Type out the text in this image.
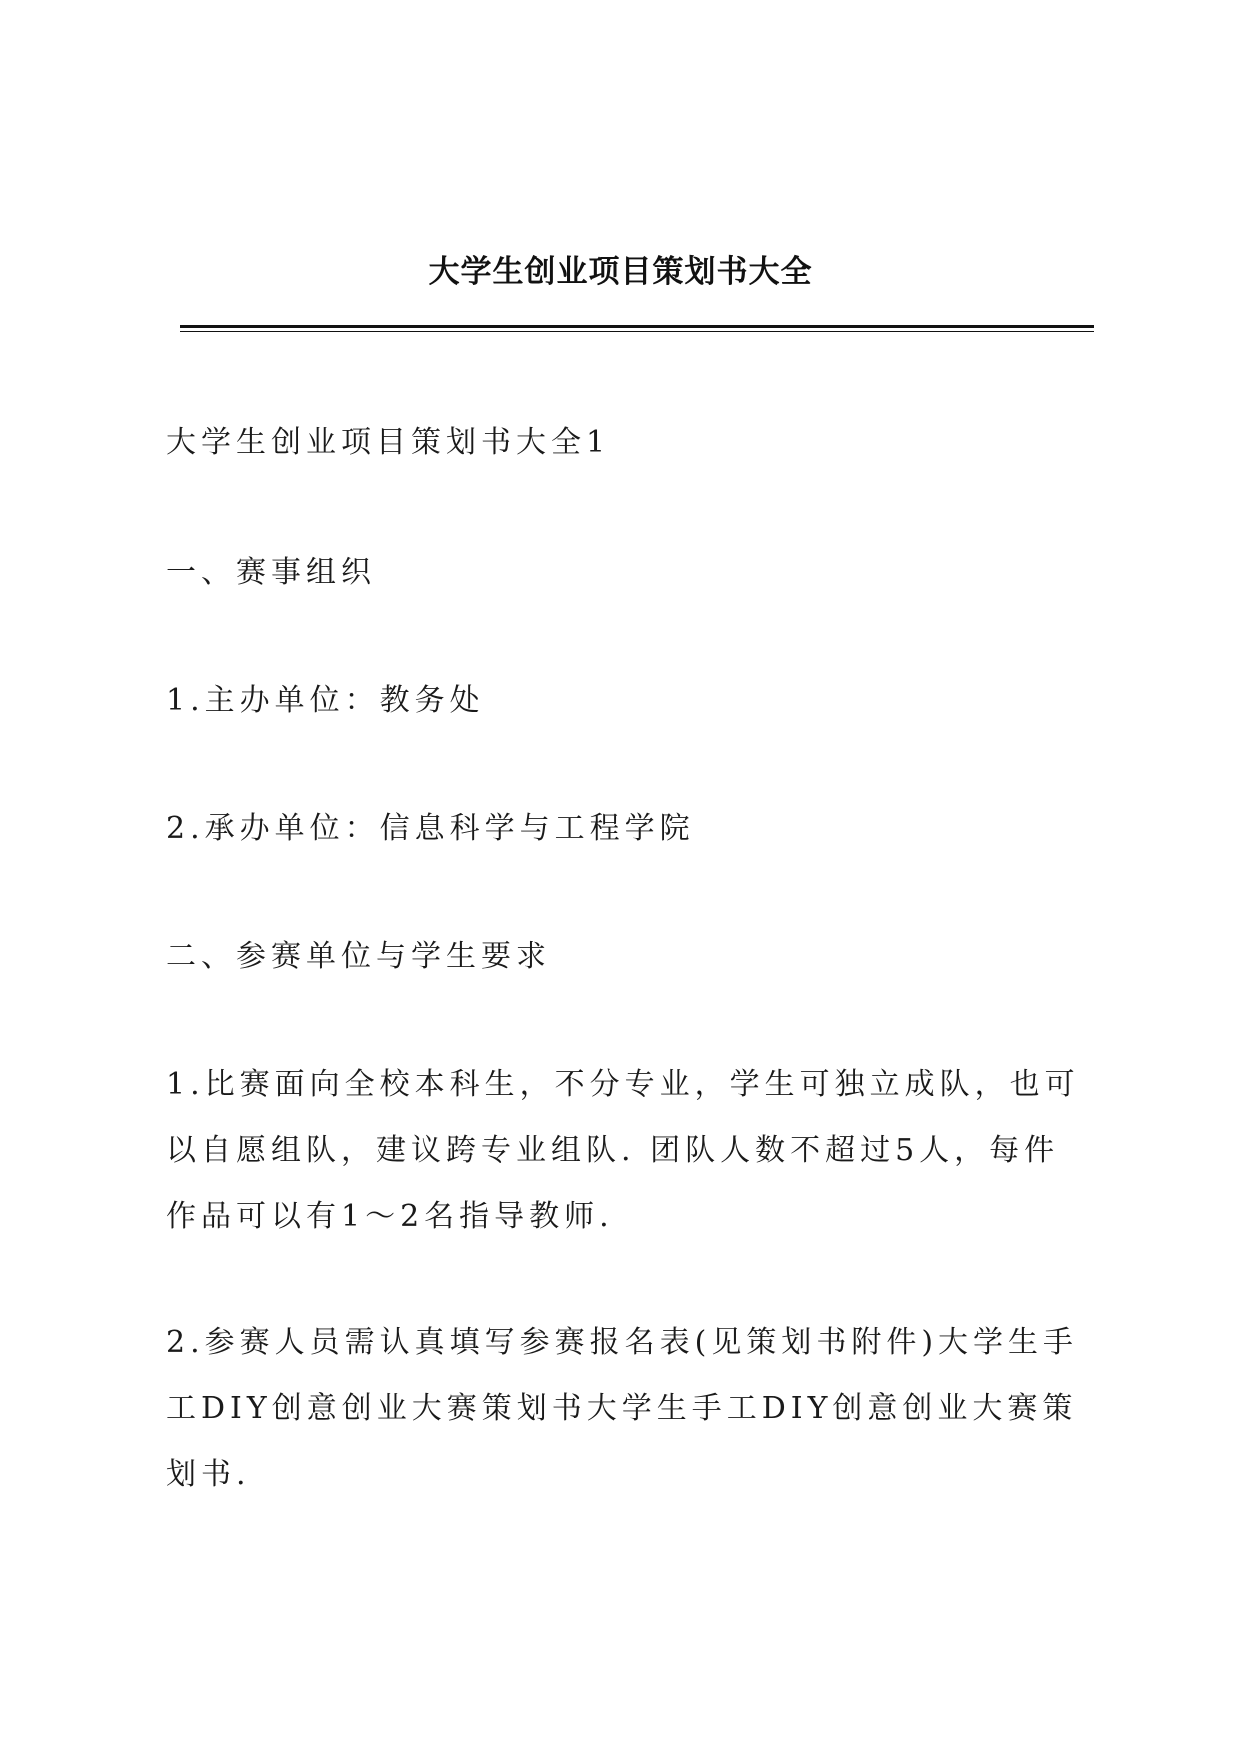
大学生创业项目策划书大全

大学生创业项目策划书大全1

一、赛事组织

1.主办单位：教务处

2.承办单位：信息科学与工程学院

二、参赛单位与学生要求

1.比赛面向全校本科生，不分专业，学生可独立成队，也可以自愿组队，建议跨专业组队. 团队人数不超过5人，每件作品可以有1～2名指导教师.

2.参赛人员需认真填写参赛报名表(见策划书附件)大学生手工DIY创意创业大赛策划书大学生手工DIY创意创业大赛策划书.
